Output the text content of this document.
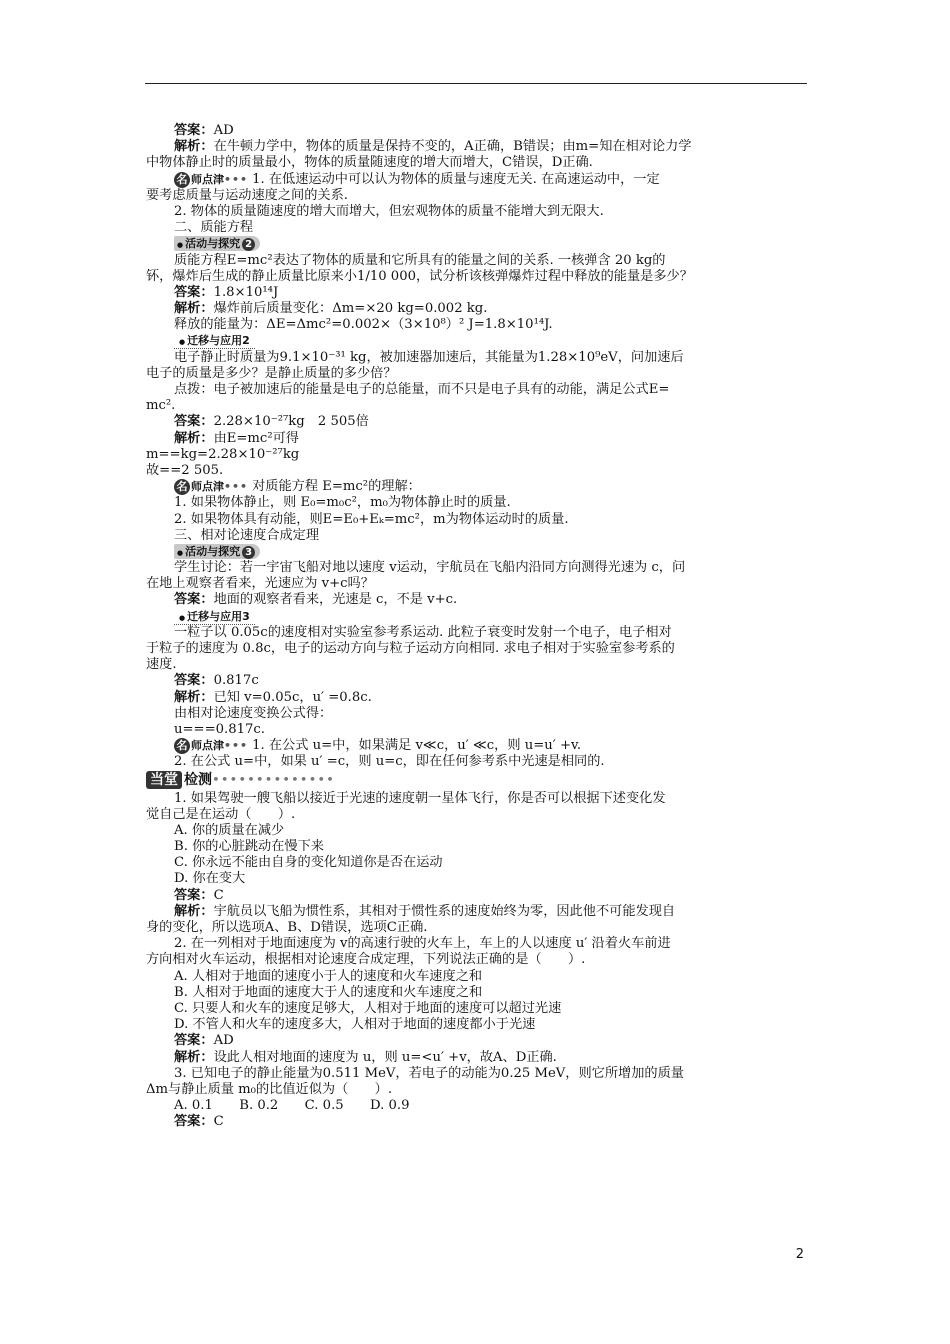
答案：AD
解析：在牛顿力学中，物体的质量是保持不变的，A正确，B错误；由m=知在相对论力学
中物体静止时的质量最小，物体的质量随速度的增大而增大，C错误，D正确.
名 师点津••• 1. 在低速运动中可以认为物体的质量与速度无关. 在高速运动中，一定
要考虑质量与运动速度之间的关系.
2. 物体的质量随速度的增大而增大，但宏观物体的质量不能增大到无限大.
二、质能方程
● 活动与探究 2
质能方程E=mc²表达了物体的质量和它所具有的能量之间的关系. 一核弹含 20 kg的
钚，爆炸后生成的静止质量比原来小1/10 000，试分析该核弹爆炸过程中释放的能量是多少？
答案：1.8×10¹⁴J
解析：爆炸前后质量变化：Δm=×20 kg=0.002 kg.
释放的能量为：ΔE=Δmc²=0.002×（3×10⁸）² J=1.8×10¹⁴J.
● 迁移与应用2
电子静止时质量为9.1×10⁻³¹ kg，被加速器加速后，其能量为1.28×10⁹eV，问加速后
电子的质量是多少？是静止质量的多少倍？
点拨：电子被加速后的能量是电子的总能量，而不只是电子具有的动能，满足公式E=
mc².
答案：2.28×10⁻²⁷kg　2 505倍
解析：由E=mc²可得
m==kg=2.28×10⁻²⁷kg
故==2 505.
名 师点津••• 对质能方程 E=mc²的理解：
1. 如果物体静止，则 E₀=m₀c²，m₀为物体静止时的质量.
2. 如果物体具有动能，则E=E₀+Eₖ=mc²，m为物体运动时的质量.
三、相对论速度合成定理
● 活动与探究 3
学生讨论：若一宇宙飞船对地以速度 v运动，宇航员在飞船内沿同方向测得光速为 c，问
在地上观察者看来，光速应为 v+c吗？
答案：地面的观察者看来，光速是 c，不是 v+c.
● 迁移与应用3
一粒子以 0.05c的速度相对实验室参考系运动. 此粒子衰变时发射一个电子，电子相对
于粒子的速度为 0.8c，电子的运动方向与粒子运动方向相同. 求电子相对于实验室参考系的
速度.
答案：0.817c
解析：已知 v=0.05c，u′ =0.8c.
由相对论速度变换公式得：
u===0.817c.
名 师点津••• 1. 在公式 u=中，如果满足 v≪c，u′ ≪c，则 u=u′ +v.
2. 在公式 u=中，如果 u′ =c，则 u=c，即在任何参考系中光速是相同的.
当堂 检测••••••••••••••
1. 如果驾驶一艘飞船以接近于光速的速度朝一星体飞行，你是否可以根据下述变化发
觉自己是在运动（　　）.
A. 你的质量在减少
B. 你的心脏跳动在慢下来
C. 你永远不能由自身的变化知道你是否在运动
D. 你在变大
答案：C
解析：宇航员以飞船为惯性系，其相对于惯性系的速度始终为零，因此他不可能发现自
身的变化，所以选项A、B、D错误，选项C正确.
2. 在一列相对于地面速度为 v的高速行驶的火车上，车上的人以速度 u′ 沿着火车前进
方向相对火车运动，根据相对论速度合成定理，下列说法正确的是（　　）.
A. 人相对于地面的速度小于人的速度和火车速度之和
B. 人相对于地面的速度大于人的速度和火车速度之和
C. 只要人和火车的速度足够大，人相对于地面的速度可以超过光速
D. 不管人和火车的速度多大，人相对于地面的速度都小于光速
答案：AD
解析：设此人相对地面的速度为 u，则 u=<u′ +v，故A、D正确.
3. 已知电子的静止能量为0.511 MeV，若电子的动能为0.25 MeV，则它所增加的质量
Δm与静止质量 m₀的比值近似为（　　）.
A. 0.1　　B. 0.2　　C. 0.5　　D. 0.9
答案：C
2
